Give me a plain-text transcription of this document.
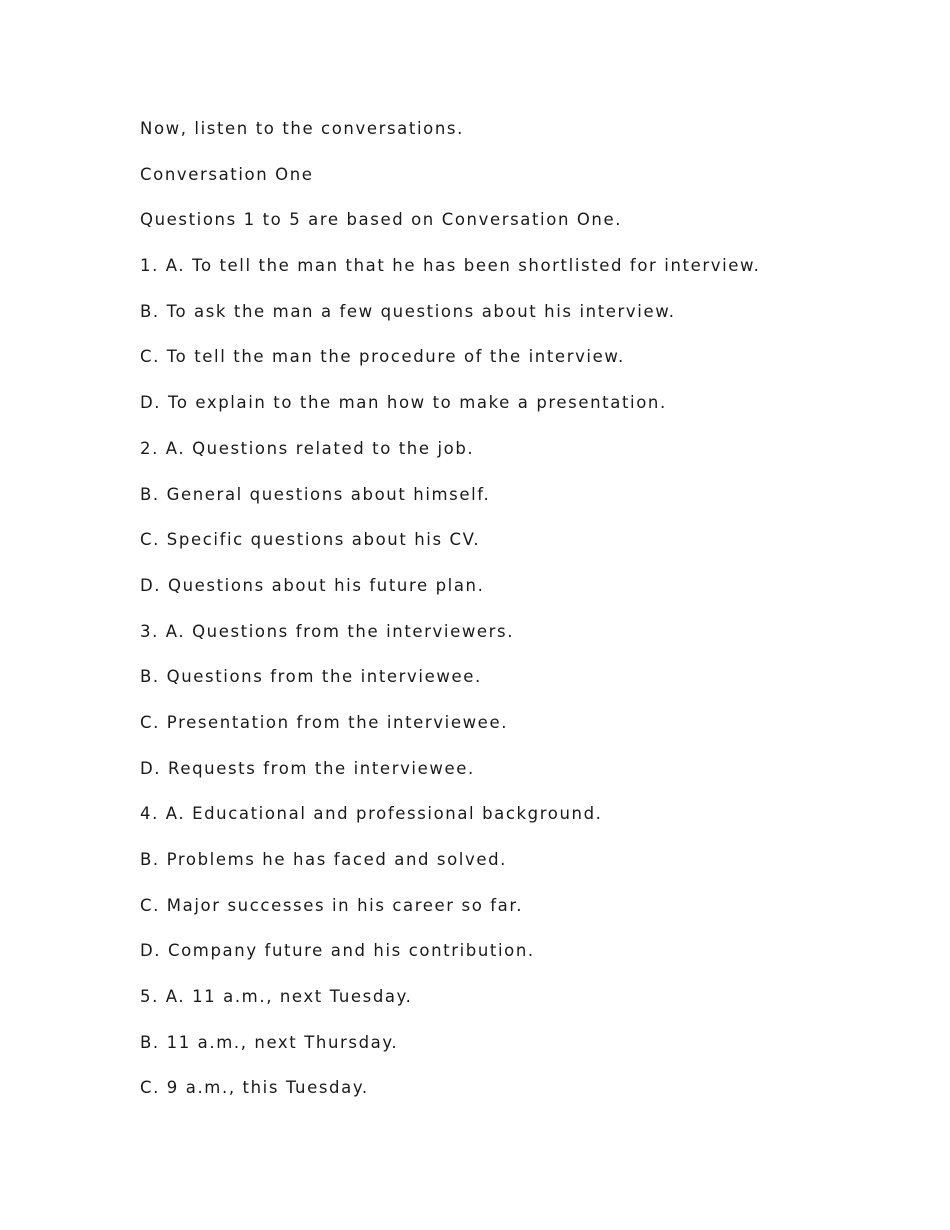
Now, listen to the conversations.
Conversation One
Questions 1 to 5 are based on Conversation One.
1. A. To tell the man that he has been shortlisted for interview.
B. To ask the man a few questions about his interview.
C. To tell the man the procedure of the interview.
D. To explain to the man how to make a presentation.
2. A. Questions related to the job.
B. General questions about himself.
C. Specific questions about his CV.
D. Questions about his future plan.
3. A. Questions from the interviewers.
B. Questions from the interviewee.
C. Presentation from the interviewee.
D. Requests from the interviewee.
4. A. Educational and professional background.
B. Problems he has faced and solved.
C. Major successes in his career so far.
D. Company future and his contribution.
5. A. 11 a.m., next Tuesday.
B. 11 a.m., next Thursday.
C. 9 a.m., this Tuesday.
